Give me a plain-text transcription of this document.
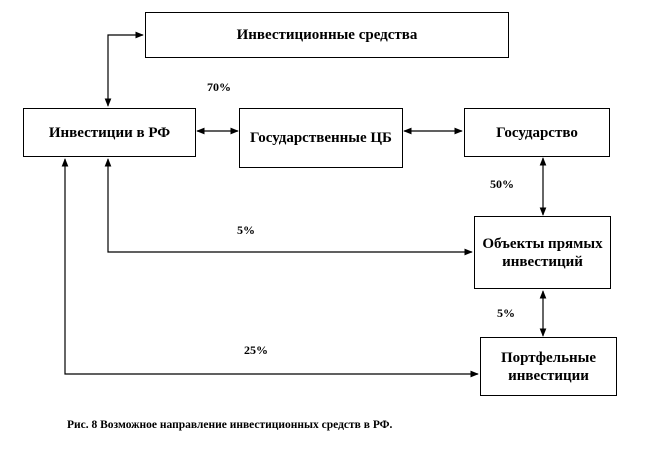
Инвестиционные средства
Инвестиции в РФ	Государственные ЦБ	Государство
Объекты прямых инвестиций
Портфельные инвестиции
70%
50%
5%
5%
25%
Рис. 8 Возможное направление инвестиционных средств в РФ.
